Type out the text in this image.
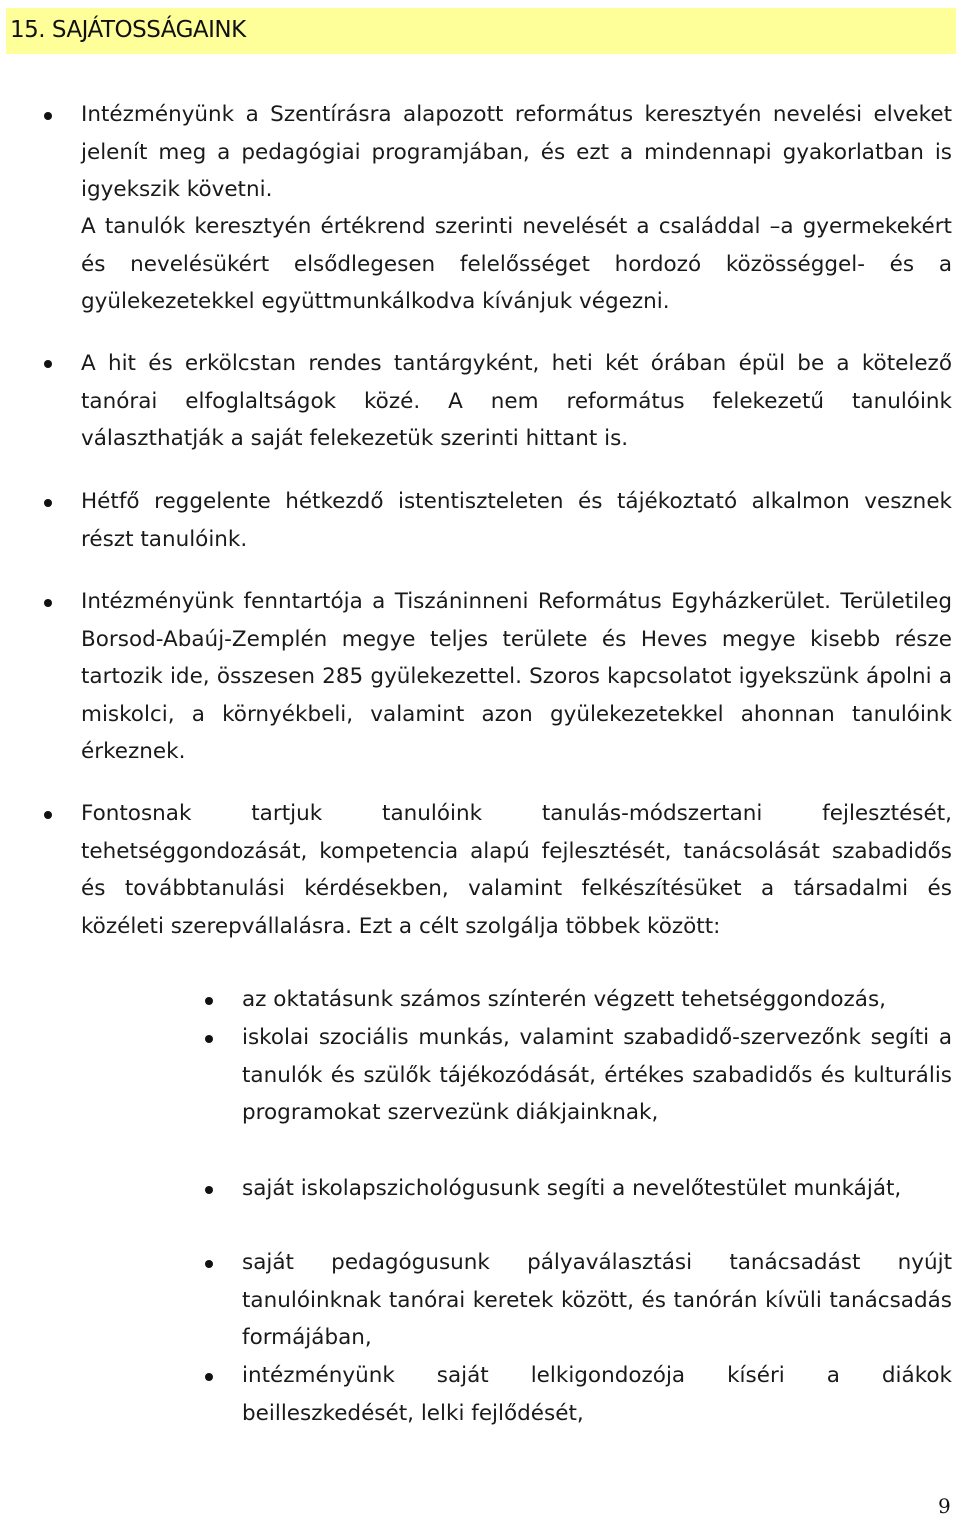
15. SAJÁTOSSÁGAINK

Intézményünk a Szentírásra alapozott református keresztyén nevelési elveket jelenít meg a pedagógiai programjában, és ezt a mindennapi gyakorlatban is igyekszik követni.

A tanulók keresztyén értékrend szerinti nevelését a családdal –a gyermekekért és nevelésükért elsődlegesen felelősséget hordozó közösséggel- és a gyülekezetekkel együttmunkálkodva kívánjuk végezni.

A hit és erkölcstan rendes tantárgyként, heti két órában épül be a kötelező tanórai elfoglaltságok közé. A nem református felekezetű tanulóink választhatják a saját felekezetük szerinti hittant is.

Hétfő reggelente hétkezdő istentiszteleten és tájékoztató alkalmon vesznek részt tanulóink.

Intézményünk fenntartója a Tiszáninneni Református Egyházkerület. Területileg Borsod-Abaúj-Zemplén megye teljes területe és Heves megye kisebb része tartozik ide, összesen 285 gyülekezettel. Szoros kapcsolatot igyekszünk ápolni a miskolci, a környékbeli, valamint azon gyülekezetekkel ahonnan tanulóink érkeznek.

Fontosnak tartjuk tanulóink tanulás-módszertani fejlesztését, tehetséggondozását, kompetencia alapú fejlesztését, tanácsolását szabadidős és továbbtanulási kérdésekben, valamint felkészítésüket a társadalmi és közéleti szerepvállalásra. Ezt a célt szolgálja többek között:

az oktatásunk számos színterén végzett tehetséggondozás,

iskolai szociális munkás, valamint szabadidő-szervezőnk segíti a tanulók és szülők tájékozódását, értékes szabadidős és kulturális programokat szervezünk diákjainknak,

saját iskolapszichológusunk segíti a nevelőtestület munkáját,

saját pedagógusunk pályaválasztási tanácsadást nyújt tanulóinknak tanórai keretek között, és tanórán kívüli tanácsadás formájában,

intézményünk saját lelkigondozója kíséri a diákok beilleszkedését, lelki fejlődését,

9
